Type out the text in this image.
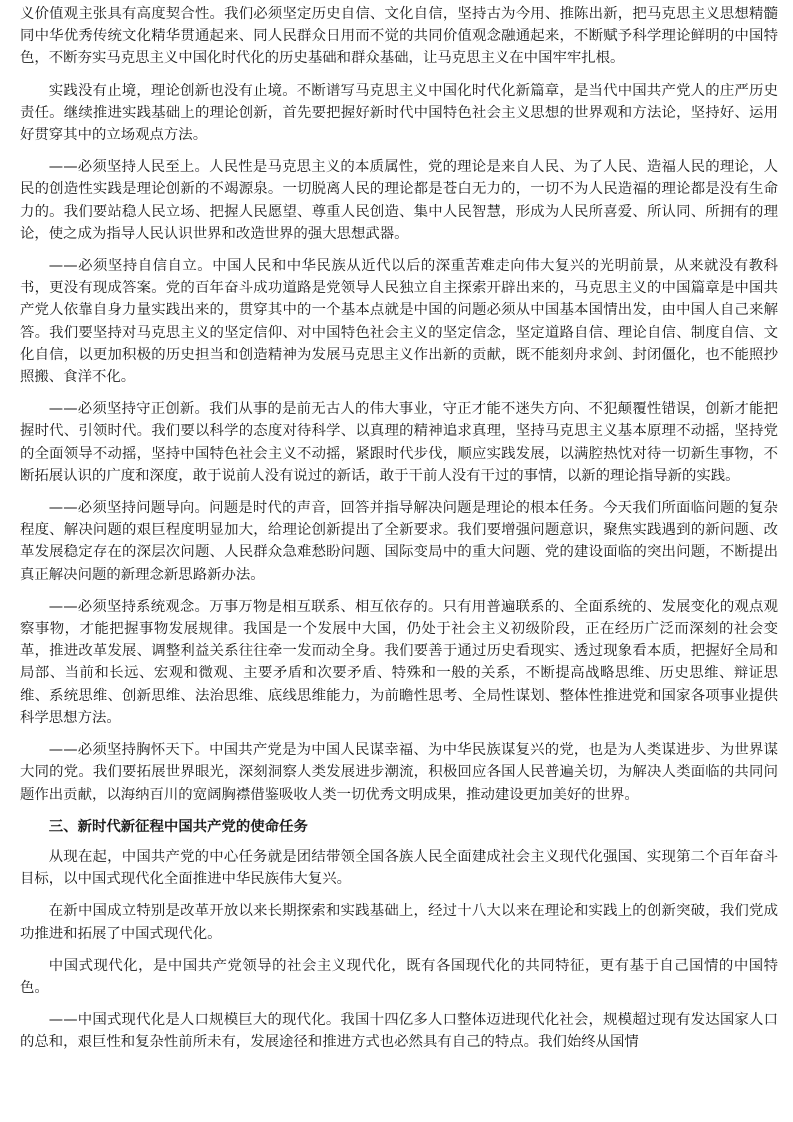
义价值观主张具有高度契合性。我们必须坚定历史自信、文化自信，坚持古为今用、推陈出新，把马克思主义思想精髓同中华优秀传统文化精华贯通起来、同人民群众日用而不觉的共同价值观念融通起来，不断赋予科学理论鲜明的中国特色，不断夯实马克思主义中国化时代化的历史基础和群众基础，让马克思主义在中国牢牢扎根。

实践没有止境，理论创新也没有止境。不断谱写马克思主义中国化时代化新篇章，是当代中国共产党人的庄严历史责任。继续推进实践基础上的理论创新，首先要把握好新时代中国特色社会主义思想的世界观和方法论，坚持好、运用好贯穿其中的立场观点方法。

——必须坚持人民至上。人民性是马克思主义的本质属性，党的理论是来自人民、为了人民、造福人民的理论，人民的创造性实践是理论创新的不竭源泉。一切脱离人民的理论都是苍白无力的，一切不为人民造福的理论都是没有生命力的。我们要站稳人民立场、把握人民愿望、尊重人民创造、集中人民智慧，形成为人民所喜爱、所认同、所拥有的理论，使之成为指导人民认识世界和改造世界的强大思想武器。

——必须坚持自信自立。中国人民和中华民族从近代以后的深重苦难走向伟大复兴的光明前景，从来就没有教科书，更没有现成答案。党的百年奋斗成功道路是党领导人民独立自主探索开辟出来的，马克思主义的中国篇章是中国共产党人依靠自身力量实践出来的，贯穿其中的一个基本点就是中国的问题必须从中国基本国情出发，由中国人自己来解答。我们要坚持对马克思主义的坚定信仰、对中国特色社会主义的坚定信念，坚定道路自信、理论自信、制度自信、文化自信，以更加积极的历史担当和创造精神为发展马克思主义作出新的贡献，既不能刻舟求剑、封闭僵化，也不能照抄照搬、食洋不化。

——必须坚持守正创新。我们从事的是前无古人的伟大事业，守正才能不迷失方向、不犯颠覆性错误，创新才能把握时代、引领时代。我们要以科学的态度对待科学、以真理的精神追求真理，坚持马克思主义基本原理不动摇，坚持党的全面领导不动摇，坚持中国特色社会主义不动摇，紧跟时代步伐，顺应实践发展，以满腔热忱对待一切新生事物，不断拓展认识的广度和深度，敢于说前人没有说过的新话，敢于干前人没有干过的事情，以新的理论指导新的实践。

——必须坚持问题导向。问题是时代的声音，回答并指导解决问题是理论的根本任务。今天我们所面临问题的复杂程度、解决问题的艰巨程度明显加大，给理论创新提出了全新要求。我们要增强问题意识，聚焦实践遇到的新问题、改革发展稳定存在的深层次问题、人民群众急难愁盼问题、国际变局中的重大问题、党的建设面临的突出问题，不断提出真正解决问题的新理念新思路新办法。

——必须坚持系统观念。万事万物是相互联系、相互依存的。只有用普遍联系的、全面系统的、发展变化的观点观察事物，才能把握事物发展规律。我国是一个发展中大国，仍处于社会主义初级阶段，正在经历广泛而深刻的社会变革，推进改革发展、调整利益关系往往牵一发而动全身。我们要善于通过历史看现实、透过现象看本质，把握好全局和局部、当前和长远、宏观和微观、主要矛盾和次要矛盾、特殊和一般的关系，不断提高战略思维、历史思维、辩证思维、系统思维、创新思维、法治思维、底线思维能力，为前瞻性思考、全局性谋划、整体性推进党和国家各项事业提供科学思想方法。

——必须坚持胸怀天下。中国共产党是为中国人民谋幸福、为中华民族谋复兴的党，也是为人类谋进步、为世界谋大同的党。我们要拓展世界眼光，深刻洞察人类发展进步潮流，积极回应各国人民普遍关切，为解决人类面临的共同问题作出贡献，以海纳百川的宽阔胸襟借鉴吸收人类一切优秀文明成果，推动建设更加美好的世界。

三、新时代新征程中国共产党的使命任务

从现在起，中国共产党的中心任务就是团结带领全国各族人民全面建成社会主义现代化强国、实现第二个百年奋斗目标，以中国式现代化全面推进中华民族伟大复兴。

在新中国成立特别是改革开放以来长期探索和实践基础上，经过十八大以来在理论和实践上的创新突破，我们党成功推进和拓展了中国式现代化。

中国式现代化，是中国共产党领导的社会主义现代化，既有各国现代化的共同特征，更有基于自己国情的中国特色。

——中国式现代化是人口规模巨大的现代化。我国十四亿多人口整体迈进现代化社会，规模超过现有发达国家人口的总和，艰巨性和复杂性前所未有，发展途径和推进方式也必然具有自己的特点。我们始终从国情
